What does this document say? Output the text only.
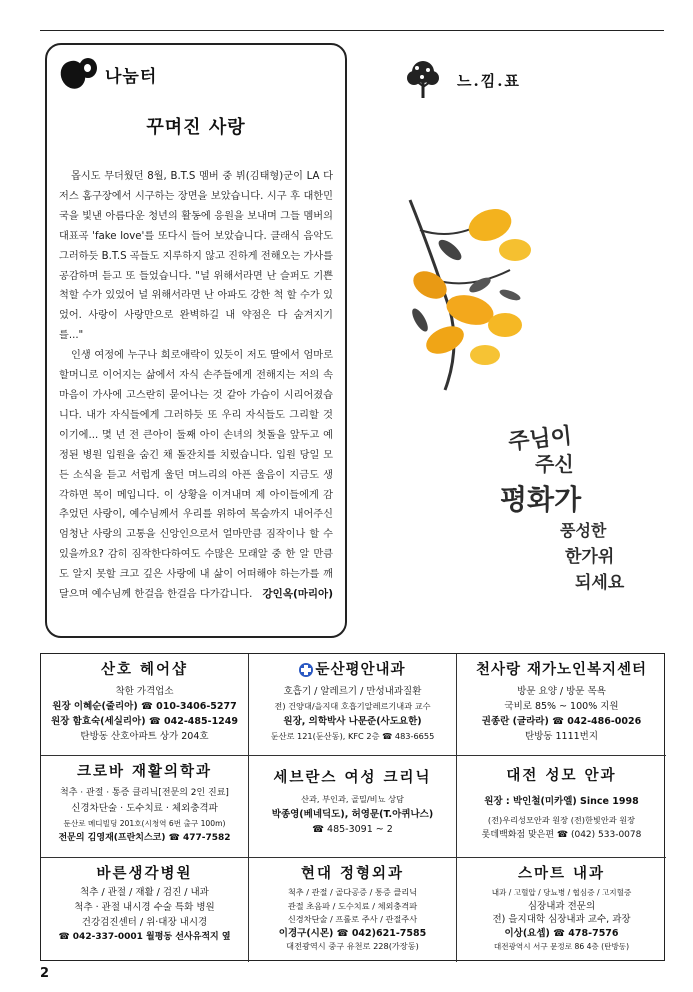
나눔터
꾸며진 사랑

몹시도 무더웠던 8월, B.T.S 멤버 중 뷔(김태형)군이 LA 다저스 홈구장에서 시구하는 장면을 보았습니다. 시구 후 대한민국을 빛낸 아름다운 청년의 활동에 응원을 보내며 그들 멤버의 대표곡 'fake love'를 또다시 들어 보았습니다. 클래식 음악도 그러하듯 B.T.S 곡들도 지루하지 않고 진하게 전해오는 가사를 공감하며 듣고 또 들었습니다. "널 위해서라면 난 슬퍼도 기쁜 척할 수가 있었어 널 위해서라면 난 아파도 강한 척 할 수가 있었어. 사랑이 사랑만으로 완벽하길 내 약점은 다 숨겨지기를..."

인생 여정에 누구나 희로애락이 있듯이 저도 딸에서 엄마로 할머니로 이어지는 삶에서 자식 손주들에게 전해지는 저의 속마음이 가사에 고스란히 묻어나는 것 같아 가슴이 시리어졌습니다. 내가 자식들에게 그러하듯 또 우리 자식들도 그리할 것이기에... 몇 년 전 큰아이 둘째 아이 손녀의 첫돌을 앞두고 예정된 병원 입원을 숨긴 채 돌잔치를 치렀습니다. 입원 당일 모든 소식을 듣고 서럽게 울던 며느리의 아픈 울음이 지금도 생각하면 목이 메입니다. 이 상황을 이겨내며 제 아이들에게 감추었던 사랑이, 예수님께서 우리를 위하여 목숨까지 내어주신 엄청난 사랑의 고통을 신앙인으로서 얼마만큼 짐작이나 할 수 있을까요? 감히 짐작한다하여도 수많은 모래알 중 한 알 만큼도 알지 못할 크고 깊은 사랑에 내 삶이 어떠해야 하는가를 깨달으며 예수님께 한걸음 한걸음 다가갑니다. 강인옥(마리아)
느.낌.표
주님이
주신
평화가
풍성한
한가위
되세요
산호 헤어샵
착한 가격업소
원장 이혜순(줄리아) ☎ 010-3406-5277
원장 함효숙(세실리아) ☎ 042-485-1249
탄방동 산호아파트 상가 204호
둔산평안내과
호흡기 / 알레르기 / 만성내과질환
전) 건양대/을지대 호흡기알레르기내과 교수
원장, 의학박사 나문준(사도요한)
둔산로 121(둔산동), KFC 2층 ☎ 483-6655
천사랑 재가노인복지센터
방문 요양 / 방문 목욕
국비로 85% ~ 100% 지원
권종란 (글라라) ☎ 042-486-0026
탄방동 1111번지
크로바 재활의학과
척추 · 관절 · 통증 클리닉[전문의 2인 진료]
신경차단술 · 도수치료 · 체외충격파
둔산로 메디빌딩 201호(시청역 6번 출구 100m)
전문의 김영재(프란치스코) ☎ 477-7582
세브란스 여성 크리닉
산과, 부인과, 골밀/비뇨 상담
박종영(베네딕도), 허영문(T.아퀴나스)
☎ 485-3091 ~ 2
대전 성모 안과
원장 : 박인철(미카엘) Since 1998
(전)우리성모안과 원장 (전)한빛안과 원장
롯데백화점 맞은편 ☎ (042) 533-0078
바른생각병원
척추 / 관절 / 재활 / 검진 / 내과
척추 · 관절 내시경 수술 특화 병원
건강검진센터 / 위·대장 내시경
☎ 042-337-0001 월평동 선사유적지 옆
현대 정형외과
척추 / 관절 / 골다공증 / 통증 클리닉
관절 초음파 / 도수치료 / 체외충격파
신경차단술 / 프롤로 주사 / 관절주사
이경구(시몬) ☎ 042)621-7585
대전광역시 중구 유천로 228(가장동)
스마트 내과
내과 / 고혈압 / 당뇨병 / 협심증 / 고지혈증
심장내과 전문의
전) 을지대학 심장내과 교수, 과장
이상(요셉) ☎ 478-7576
대전광역시 서구 문정로 86 4층 (탄방동)
2
